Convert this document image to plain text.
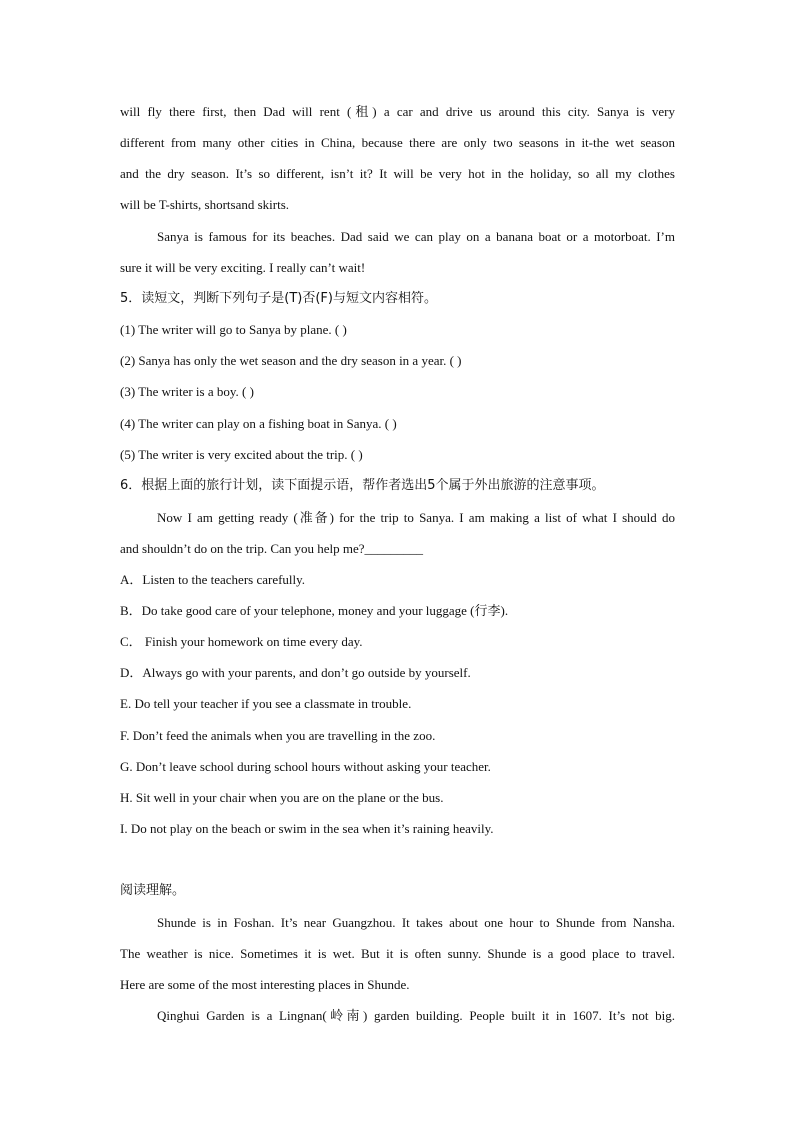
will fly there first, then Dad will rent (租) a car and drive us around this city. Sanya is very
different from many other cities in China, because there are only two seasons in it-the wet season
and the dry season. It’s so different, isn’t it? It will be very hot in the holiday, so all my clothes
will be T-shirts, shortsand skirts.
Sanya is famous for its beaches. Dad said we can play on a banana boat or a motorboat. I’m
sure it will be very exciting. I really can’t wait!
5．读短文，判断下列句子是(T)否(F)与短文内容相符。
(1) The writer will go to Sanya by plane. ( )
(2) Sanya has only the wet season and the dry season in a year. ( )
(3) The writer is a boy. ( )
(4) The writer can play on a fishing boat in Sanya. ( )
(5) The writer is very excited about the trip. ( )
6．根据上面的旅行计划，读下面提示语，帮作者选出5个属于外出旅游的注意事项。
Now I am getting ready (准备) for the trip to Sanya. I am making a list of what I should do
and shouldn’t do on the trip. Can you help me?_________
A．Listen to the teachers carefully.
B．Do take good care of your telephone, money and your luggage (行李).
C． Finish your homework on time every day.
D．Always go with your parents, and don’t go outside by yourself.
E. Do tell your teacher if you see a classmate in trouble.
F. Don’t feed the animals when you are travelling in the zoo.
G. Don’t leave school during school hours without asking your teacher.
H. Sit well in your chair when you are on the plane or the bus.
I. Do not play on the beach or swim in the sea when it’s raining heavily.
阅读理解。
Shunde is in Foshan. It’s near Guangzhou. It takes about one hour to Shunde from Nansha.
The weather is nice. Sometimes it is wet. But it is often sunny. Shunde is a good place to travel.
Here are some of the most interesting places in Shunde.
Qinghui Garden is a Lingnan(岭南) garden building. People built it in 1607. It’s not big.
